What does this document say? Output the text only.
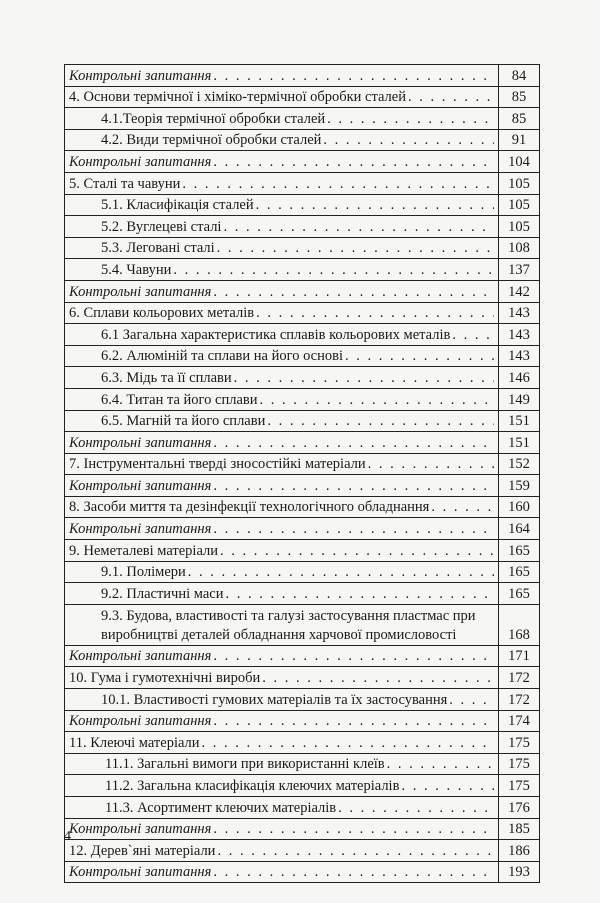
Контрольні запитання
. . .	84

4. Основи термічної і хіміко-термічної обробки сталей
. . .	85

4.1.Теорія термічної обробки сталей
. . .	85

4.2. Види термічної обробки сталей
. . .	91

Контрольні запитання
. . .	104

5. Сталі та чавуни
. . .	105

5.1. Класифікація сталей
. . .	105

5.2. Вуглецеві сталі
. . .	105

5.3. Леговані сталі
. . .	108

5.4. Чавуни
. . .	137

Контрольні запитання
. . .	142

6. Сплави кольорових металів
. . .	143

6.1 Загальна характеристика сплавів кольорових металів
. . .	143

6.2. Алюміній та сплави на його основі
. . .	143

6.3. Мідь та її сплави
. . .	146

6.4. Титан та його сплави
. . .	149

6.5. Магній та його сплави
. . .	151

Контрольні запитання
. . .	151

7. Інструментальні тверді зносостійкі матеріали
. . .	152

Контрольні запитання
. . .	159

8. Засоби миття та дезінфекції технологічного обладнання
. . .	160

Контрольні запитання
. . .	164

9. Неметалеві матеріали
. . .	165

9.1. Полімери
. . .	165

9.2. Пластичні маси
. . .	165

9.3. Будова, властивості та галузі застосування пластмас при
виробництві деталей обладнання харчової промисловості	168

Контрольні запитання
. . .	171

10. Гума і гумотехнічні вироби
. . .	172

10.1. Властивості гумових матеріалів та їх застосування
. . .	172

Контрольні запитання
. . .	174

11. Клеючі матеріали
. . .	175

11.1. Загальні вимоги при використанні клеїв
. . .	175

11.2. Загальна класифікація клеючих матеріалів
. . .	175

11.3. Асортимент клеючих матеріалів
. . .	176

Контрольні запитання
. . .	185

12. Дерев`яні матеріали
. . .	186

Контрольні запитання
. . .	193
4
